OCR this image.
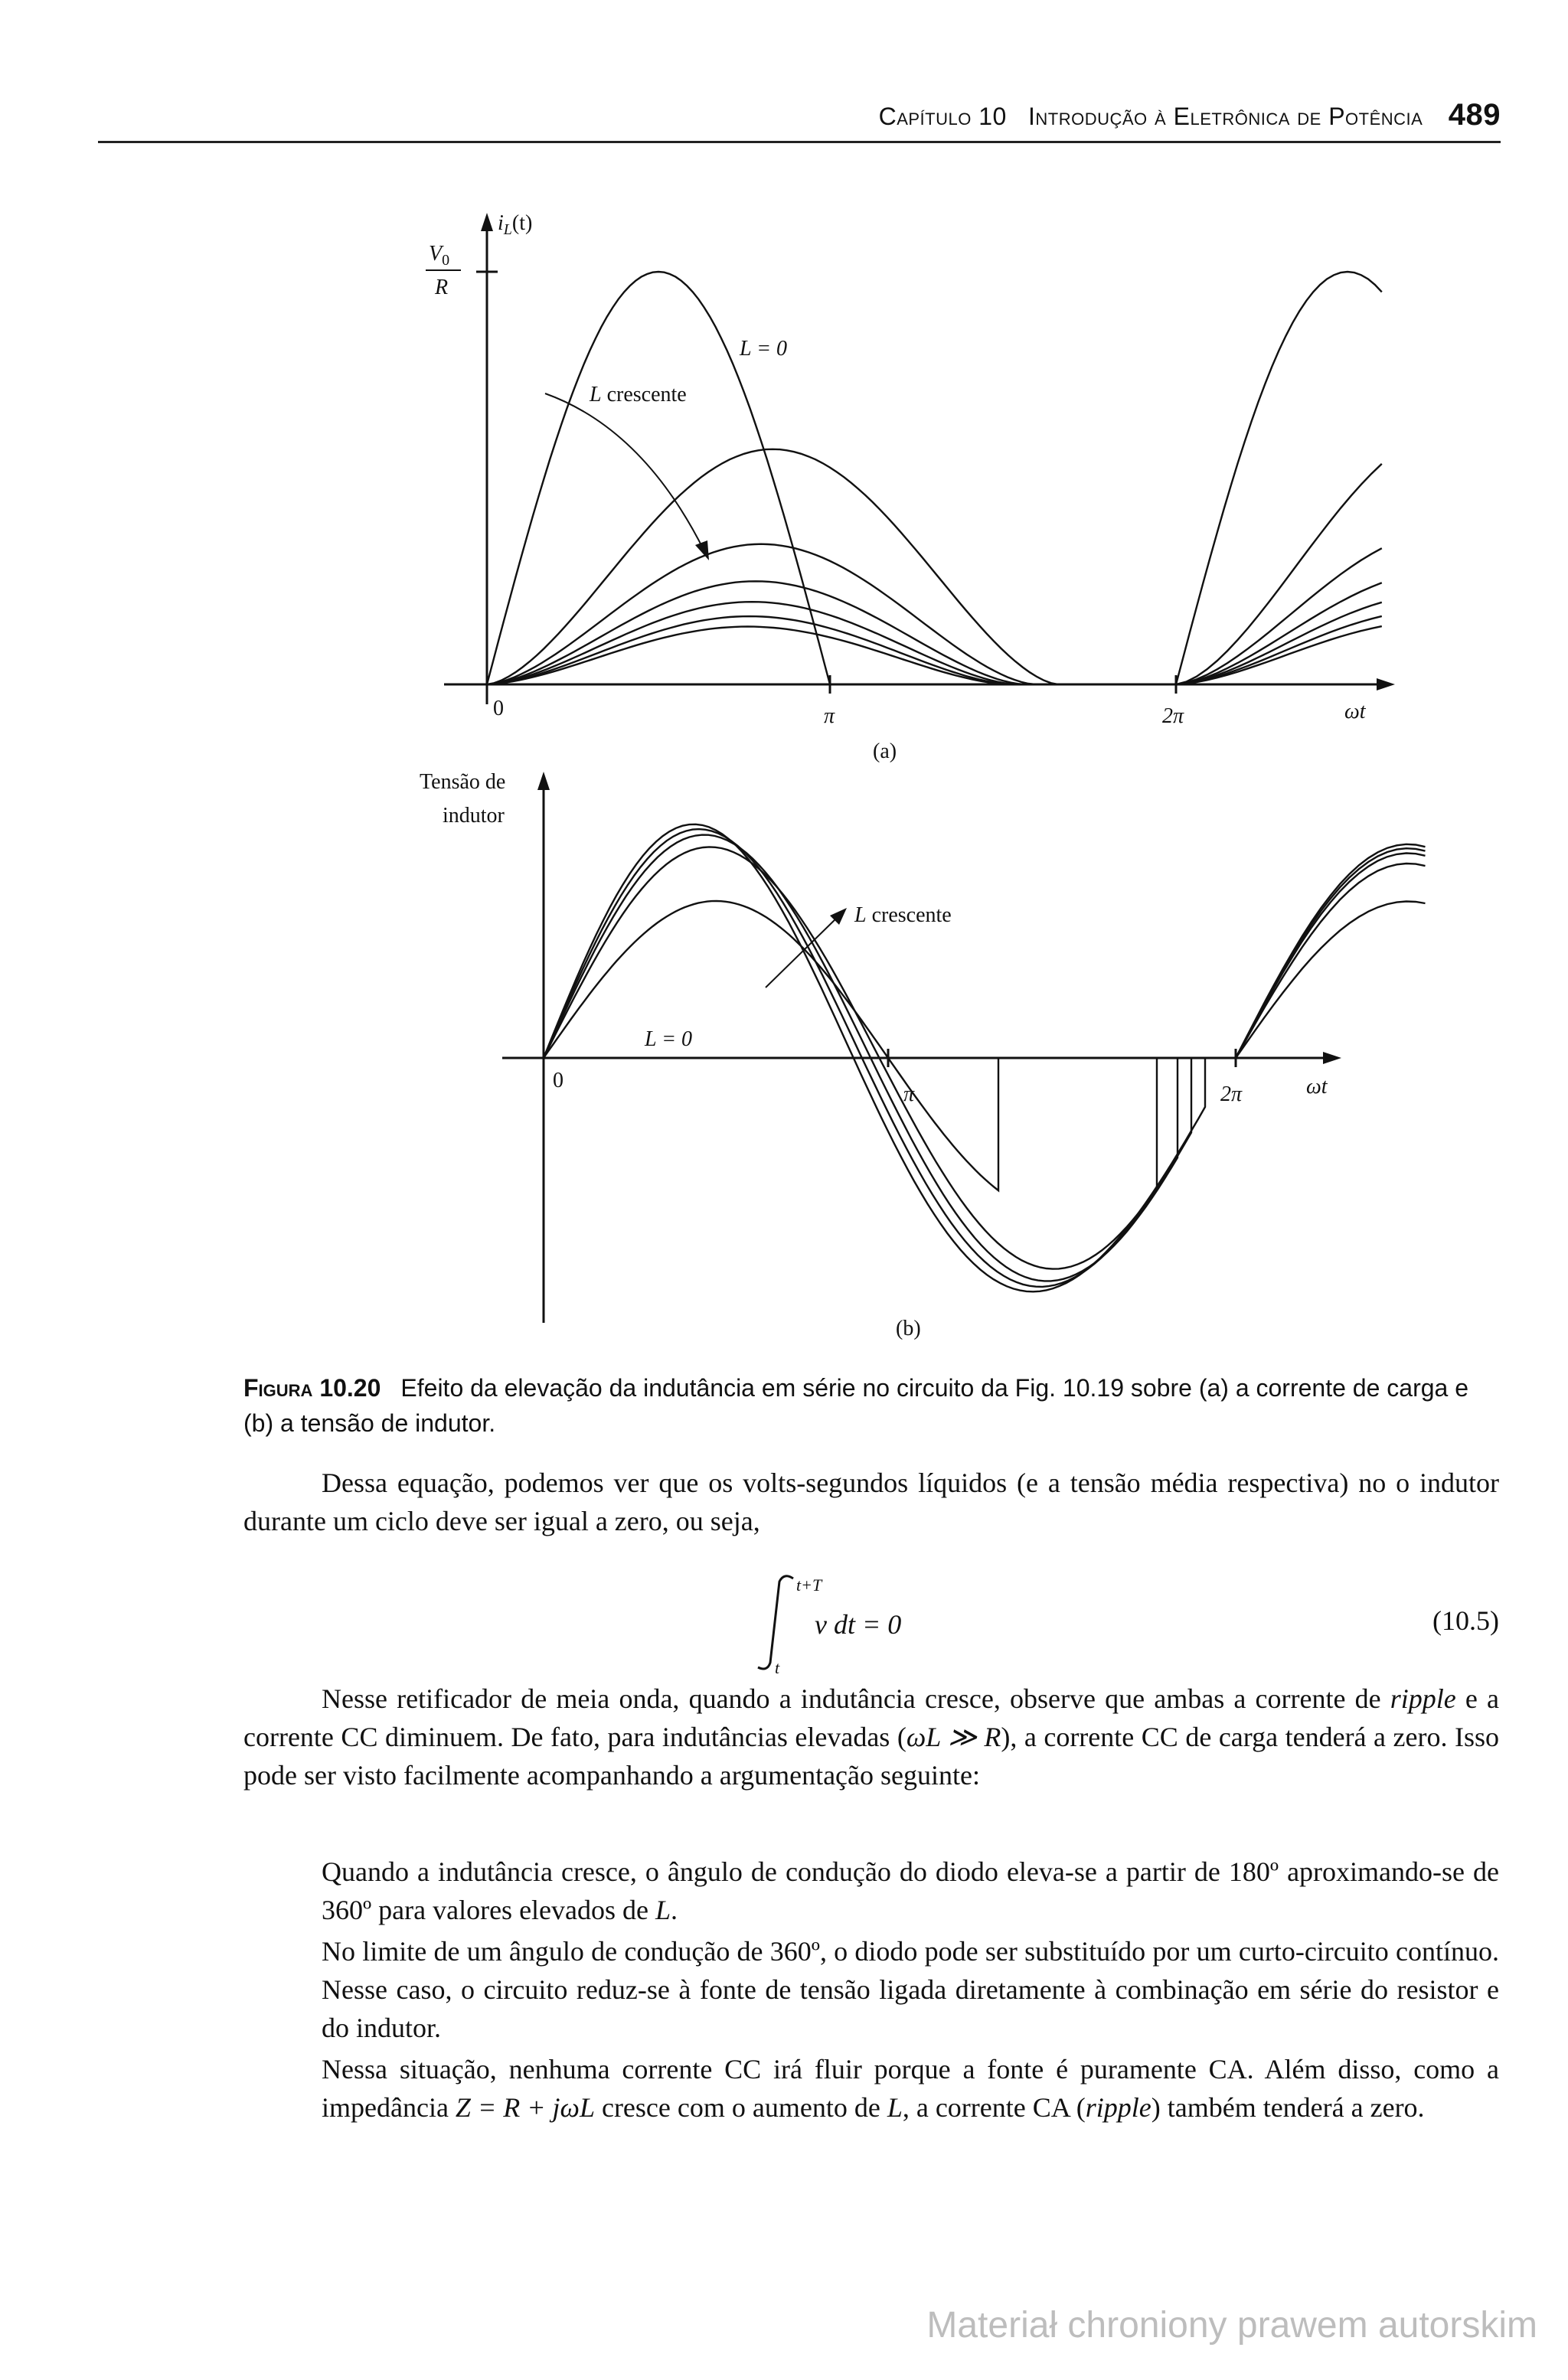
Capítulo 10 Introdução à Eletrônica de Potência 489
$i_L(t)$
$V_0$
R
0	π	2π	ωt
L = 0
L crescente
(a)
Tensão de
indutor
0
π	2π	ωt
L = 0
L crescente
(b)
Figura 10.20 Efeito da elevação da indutância em série no circuito da Fig. 10.19 sobre (a) a corrente de carga e (b) a tensão de indutor.
Dessa equação, podemos ver que os volts-segundos líquidos (e a tensão média respectiva) no o indutor durante um ciclo deve ser igual a zero, ou seja,
t+T
t
v dt = 0	(10.5)
Nesse retificador de meia onda, quando a indutância cresce, observe que ambas a corrente de ripple e a corrente CC diminuem. De fato, para indutâncias elevadas (ωL ≫ R), a corrente CC de carga tenderá a zero. Isso pode ser visto facilmente acompanhando a argumentação seguinte:

Quando a indutância cresce, o ângulo de condução do diodo eleva-se a partir de 180º aproximando-se de 360º para valores elevados de L.

No limite de um ângulo de condução de 360º, o diodo pode ser substituído por um curto-circuito contínuo. Nesse caso, o circuito reduz-se à fonte de tensão ligada diretamente à combinação em série do resistor e do indutor.

Nessa situação, nenhuma corrente CC irá fluir porque a fonte é puramente CA. Além disso, como a impedância Z = R + jωL cresce com o aumento de L, a corrente CA (ripple) também tenderá a zero.

Materiał chroniony prawem autorskim
